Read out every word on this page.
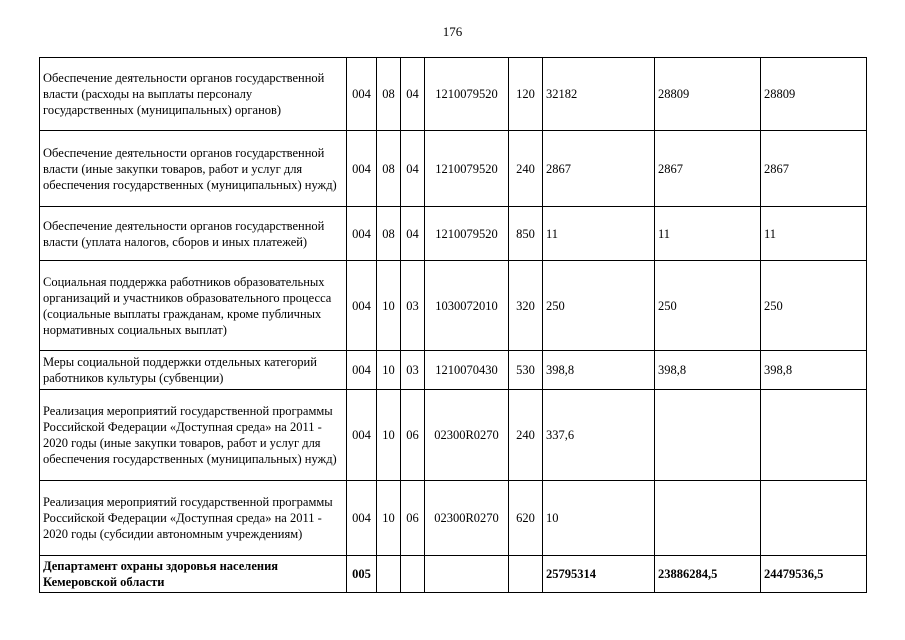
176
Обеспечение деятельности органов государственной власти (расходы на выплаты персоналу государственных (муниципальных) органов)	004	08	04	1210079520	120	32182	28809	28809
Обеспечение деятельности органов государственной власти (иные закупки товаров, работ и услуг для обеспечения государственных (муниципальных) нужд)	004	08	04	1210079520	240	2867	2867	2867
Обеспечение деятельности органов государственной власти (уплата налогов, сборов и иных платежей)	004	08	04	1210079520	850	11	11	11
Социальная поддержка работников образовательных организаций и участников образовательного процесса (социальные выплаты гражданам, кроме публичных нормативных социальных выплат)	004	10	03	1030072010	320	250	250	250
Меры социальной поддержки отдельных категорий работников культуры (субвенции)	004	10	03	1210070430	530	398,8	398,8	398,8
Реализация мероприятий государственной программы Российской Федерации «Доступная среда» на 2011 - 2020 годы (иные закупки товаров, работ и услуг для обеспечения государственных (муниципальных) нужд)	004	10	06	02300R0270	240	337,6		
Реализация мероприятий государственной программы Российской Федерации «Доступная среда» на 2011 - 2020 годы (субсидии автономным учреждениям)	004	10	06	02300R0270	620	10		
Департамент охраны здоровья населения Кемеровской области	005					25795314	23886284,5	24479536,5
